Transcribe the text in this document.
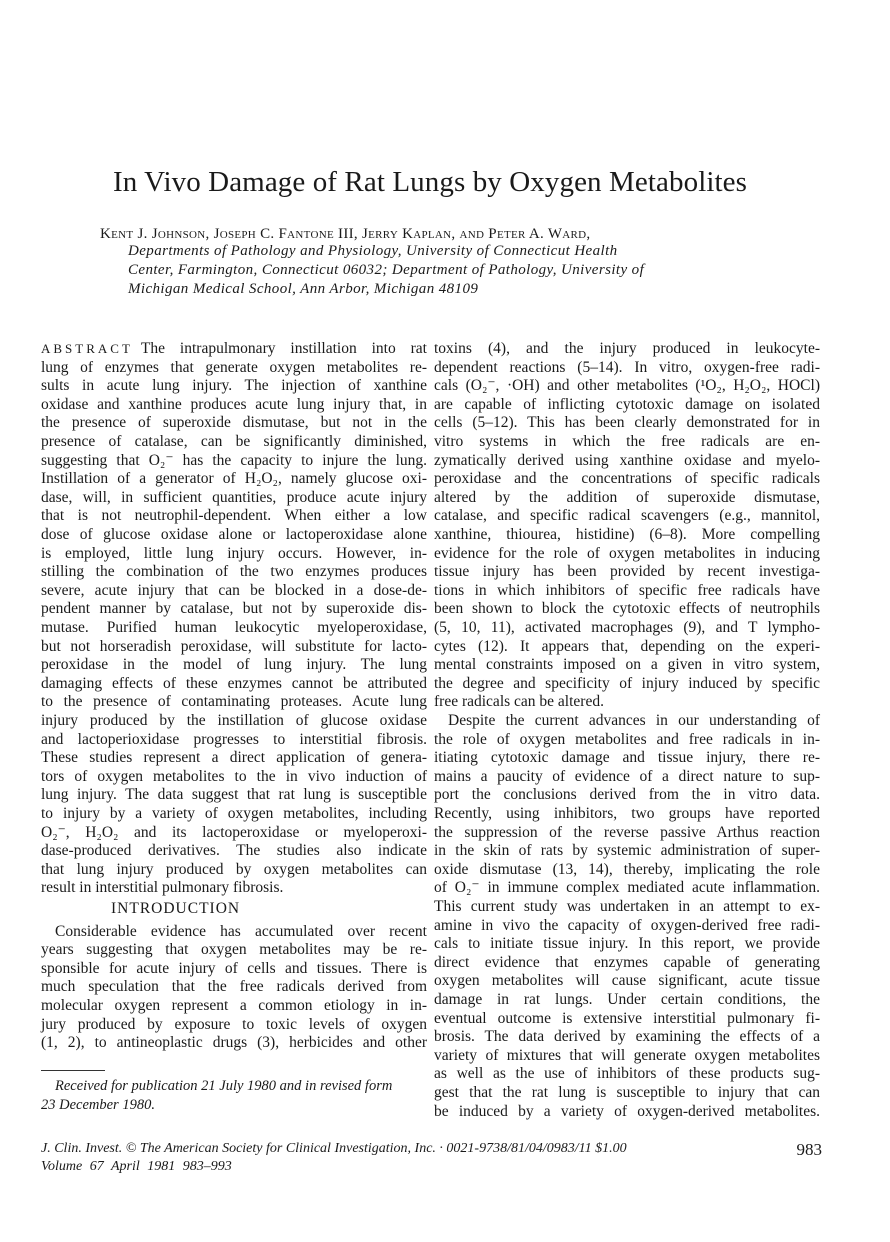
In Vivo Damage of Rat Lungs by Oxygen Metabolites
Kent J. Johnson, Joseph C. Fantone III, Jerry Kaplan, and Peter A. Ward,
Departments of Pathology and Physiology, University of Connecticut Health
Center, Farmington, Connecticut 06032; Department of Pathology, University of
Michigan Medical School, Ann Arbor, Michigan 48109
ABSTRACT The intrapulmonary instillation into rat
lung of enzymes that generate oxygen metabolites re-
sults in acute lung injury. The injection of xanthine
oxidase and xanthine produces acute lung injury that, in
the presence of superoxide dismutase, but not in the
presence of catalase, can be significantly diminished,
suggesting that O₂⁻ has the capacity to injure the lung.
Instillation of a generator of H₂O₂, namely glucose oxi-
dase, will, in sufficient quantities, produce acute injury
that is not neutrophil-dependent. When either a low
dose of glucose oxidase alone or lactoperoxidase alone
is employed, little lung injury occurs. However, in-
stilling the combination of the two enzymes produces
severe, acute injury that can be blocked in a dose-de-
pendent manner by catalase, but not by superoxide dis-
mutase. Purified human leukocytic myeloperoxidase,
but not horseradish peroxidase, will substitute for lacto-
peroxidase in the model of lung injury. The lung
damaging effects of these enzymes cannot be attributed
to the presence of contaminating proteases. Acute lung
injury produced by the instillation of glucose oxidase
and lactoperioxidase progresses to interstitial fibrosis.
These studies represent a direct application of genera-
tors of oxygen metabolites to the in vivo induction of
lung injury. The data suggest that rat lung is susceptible
to injury by a variety of oxygen metabolites, including
O₂⁻, H₂O₂ and its lactoperoxidase or myeloperoxi-
dase-produced derivatives. The studies also indicate
that lung injury produced by oxygen metabolites can
result in interstitial pulmonary fibrosis.
INTRODUCTION
Considerable evidence has accumulated over recent
years suggesting that oxygen metabolites may be re-
sponsible for acute injury of cells and tissues. There is
much speculation that the free radicals derived from
molecular oxygen represent a common etiology in in-
jury produced by exposure to toxic levels of oxygen
(1, 2), to antineoplastic drugs (3), herbicides and other
toxins (4), and the injury produced in leukocyte-
dependent reactions (5–14). In vitro, oxygen-free radi-
cals (O₂⁻, ·OH) and other metabolites (¹O₂, H₂O₂, HOCl)
are capable of inflicting cytotoxic damage on isolated
cells (5–12). This has been clearly demonstrated for in
vitro systems in which the free radicals are en-
zymatically derived using xanthine oxidase and myelo-
peroxidase and the concentrations of specific radicals
altered by the addition of superoxide dismutase,
catalase, and specific radical scavengers (e.g., mannitol,
xanthine, thiourea, histidine) (6–8). More compelling
evidence for the role of oxygen metabolites in inducing
tissue injury has been provided by recent investiga-
tions in which inhibitors of specific free radicals have
been shown to block the cytotoxic effects of neutrophils
(5, 10, 11), activated macrophages (9), and T lympho-
cytes (12). It appears that, depending on the experi-
mental constraints imposed on a given in vitro system,
the degree and specificity of injury induced by specific
free radicals can be altered.
Despite the current advances in our understanding of
the role of oxygen metabolites and free radicals in in-
itiating cytotoxic damage and tissue injury, there re-
mains a paucity of evidence of a direct nature to sup-
port the conclusions derived from the in vitro data.
Recently, using inhibitors, two groups have reported
the suppression of the reverse passive Arthus reaction
in the skin of rats by systemic administration of super-
oxide dismutase (13, 14), thereby, implicating the role
of O₂⁻ in immune complex mediated acute inflammation.
This current study was undertaken in an attempt to ex-
amine in vivo the capacity of oxygen-derived free radi-
cals to initiate tissue injury. In this report, we provide
direct evidence that enzymes capable of generating
oxygen metabolites will cause significant, acute tissue
damage in rat lungs. Under certain conditions, the
eventual outcome is extensive interstitial pulmonary fi-
brosis. The data derived by examining the effects of a
variety of mixtures that will generate oxygen metabolites
as well as the use of inhibitors of these products sug-
gest that the rat lung is susceptible to injury that can
be induced by a variety of oxygen-derived metabolites.
Received for publication 21 July 1980 and in revised form
23 December 1980.
J. Clin. Invest. © The American Society for Clinical Investigation, Inc. · 0021-9738/81/04/0983/11 $1.00
Volume 67 April 1981 983–993
983
